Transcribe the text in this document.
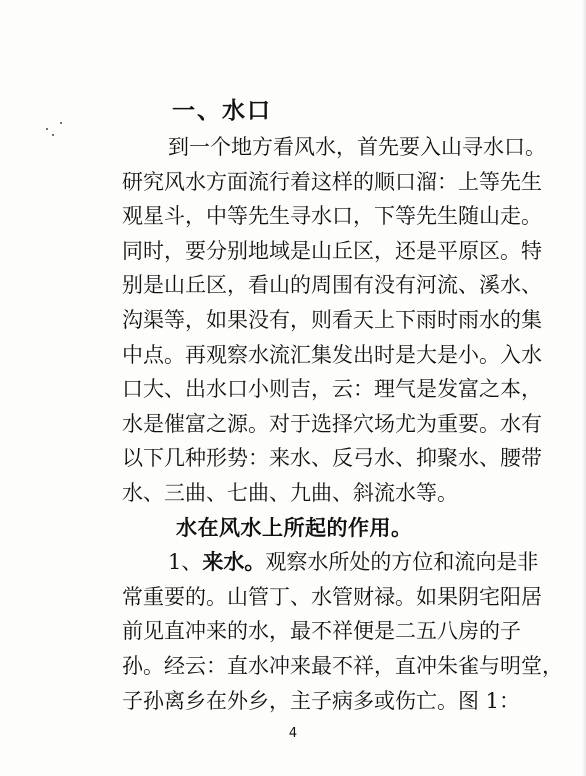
一、水口
到一个地方看风水，首先要入山寻水口。
研究风水方面流行着这样的顺口溜：上等先生
观星斗，中等先生寻水口，下等先生随山走。
同时，要分别地域是山丘区，还是平原区。特
别是山丘区，看山的周围有没有河流、溪水、
沟渠等，如果没有，则看天上下雨时雨水的集
中点。再观察水流汇集发出时是大是小。入水
口大、出水口小则吉，云：理气是发富之本，
水是催富之源。对于选择穴场尤为重要。水有
以下几种形势：来水、反弓水、抑聚水、腰带
水、三曲、七曲、九曲、斜流水等。
水在风水上所起的作用。
1、来水。观察水所处的方位和流向是非
常重要的。山管丁、水管财禄。如果阴宅阳居
前见直冲来的水，最不祥便是二五八房的子
孙。经云：直水冲来最不祥，直冲朱雀与明堂，
子孙离乡在外乡，主子病多或伤亡。图 1：
4
